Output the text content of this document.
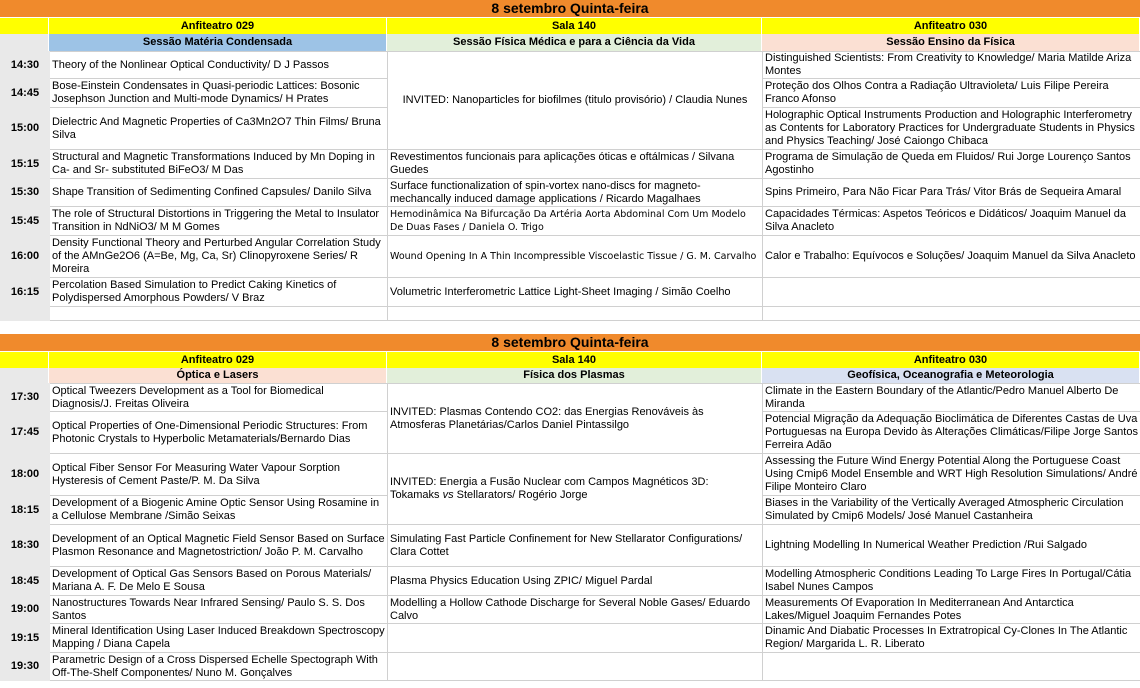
8 setembro Quinta-feira
Anfiteatro 029	Sala 140	Anfiteatro 030
Sessão Matéria Condensada	Sessão Física Médica e para a Ciência da Vida	Sessão Ensino da Física
14:30	Theory of the Nonlinear Optical Conductivity/ D J Passos	INVITED: Nanoparticles for biofilmes (titulo provisório) / Claudia Nunes	Distinguished Scientists: From Creativity to Knowledge/ Maria Matilde Ariza Montes
14:45	Bose-Einstein Condensates in Quasi-periodic Lattices: Bosonic Josephson Junction and Multi-mode Dynamics/ H Prates		Proteção dos Olhos Contra a Radiação Ultravioleta/ Luis Filipe Pereira Franco Afonso
15:00	Dielectric And Magnetic Properties of Ca3Mn2O7 Thin Films/ Bruna Silva		Holographic Optical Instruments Production and Holographic Interferometry as Contents for Laboratory Practices for Undergraduate Students in Physics and Physics Teaching/ José Caiongo Chibaca
15:15	Structural and Magnetic Transformations Induced by Mn Doping in Ca- and Sr- substituted BiFeO3/ M Das	Revestimentos funcionais para aplicações óticas e oftálmicas / Silvana Guedes	Programa de Simulação de Queda em Fluidos/ Rui Jorge Lourenço Santos Agostinho
15:30	Shape Transition of Sedimenting Confined Capsules/ Danilo Silva	Surface functionalization of spin-vortex nano-discs for magneto-mechancally induced damage applications / Ricardo Magalhaes	Spins Primeiro, Para Não Ficar Para Trás/ Vitor Brás de Sequeira Amaral
15:45	The role of Structural Distortions in Triggering the Metal to Insulator Transition in NdNiO3/ M M Gomes	Hemodinâmica Na Bifurcação Da Artéria Aorta Abdominal Com Um Modelo De Duas Fases / Daniela O. Trigo	Capacidades Térmicas: Aspetos Teóricos e Didáticos/ Joaquim Manuel da Silva Anacleto
16:00	Density Functional Theory and Perturbed Angular Correlation Study of the AMnGe2O6 (A=Be, Mg, Ca, Sr) Clinopyroxene Series/ R Moreira	Wound Opening In A Thin Incompressible Viscoelastic Tissue / G. M. Carvalho	Calor e Trabalho: Equívocos e Soluções/ Joaquim Manuel da Silva Anacleto
16:15	Percolation Based Simulation to Predict Caking Kinetics of Polydispersed Amorphous Powders/ V Braz	Volumetric Interferometric Lattice Light-Sheet Imaging / Simão Coelho	

8 setembro Quinta-feira
Anfiteatro 029	Sala 140	Anfiteatro 030
Óptica e Lasers	Física dos Plasmas	Geofísica, Oceanografia e Meteorologia
17:30	Optical Tweezers Development as a Tool for Biomedical Diagnosis/J. Freitas Oliveira	INVITED: Plasmas Contendo CO2: das Energias Renováveis às Atmosferas Planetárias/Carlos Daniel Pintassilgo	Climate in the Eastern Boundary of the Atlantic/Pedro Manuel Alberto De Miranda
17:45	Optical Properties of One-Dimensional Periodic Structures: From Photonic Crystals to Hyperbolic Metamaterials/Bernardo Dias		Potencial Migração da Adequação Bioclimática de Diferentes Castas de Uva Portuguesas na Europa Devido às Alterações Climáticas/Filipe Jorge Santos Ferreira Adão
18:00	Optical Fiber Sensor For Measuring Water Vapour Sorption Hysteresis of Cement Paste/P. M. Da Silva	INVITED: Energia a Fusão Nuclear com Campos Magnéticos 3D: Tokamaks vs Stellarators/ Rogério Jorge	Assessing the Future Wind Energy Potential Along the Portuguese Coast Using Cmip6 Model Ensemble and WRT High Resolution Simulations/ André Filipe Monteiro Claro
18:15	Development of a Biogenic Amine Optic Sensor Using Rosamine in a Cellulose Membrane /Simão Seixas		Biases in the Variability of the Vertically Averaged Atmospheric Circulation Simulated by Cmip6 Models/ José Manuel Castanheira
18:30	Development of an Optical Magnetic Field Sensor Based on Surface Plasmon Resonance and Magnetostriction/ João P. M. Carvalho	Simulating Fast Particle Confinement for New Stellarator Configurations/ Clara Cottet	Lightning Modelling In Numerical Weather Prediction /Rui Salgado
18:45	Development of Optical Gas Sensors Based on Porous Materials/ Mariana A. F. De Melo E Sousa	Plasma Physics Education Using ZPIC/ Miguel Pardal	Modelling Atmospheric Conditions Leading To Large Fires In Portugal/Cátia Isabel Nunes Campos
19:00	Nanostructures Towards Near Infrared Sensing/ Paulo S. S. Dos Santos	Modelling a Hollow Cathode Discharge for Several Noble Gases/ Eduardo Calvo	Measurements Of Evaporation In Mediterranean And Antarctica Lakes/Miguel Joaquim Fernandes Potes
19:15	Mineral Identification Using Laser Induced Breakdown Spectroscopy Mapping / Diana Capela		Dinamic And Diabatic Processes In Extratropical Cy-Clones In The Atlantic Region/ Margarida L. R. Liberato
19:30	Parametric Design of a Cross Dispersed Echelle Spectograph With Off-The-Shelf Componentes/ Nuno M. Gonçalves		
